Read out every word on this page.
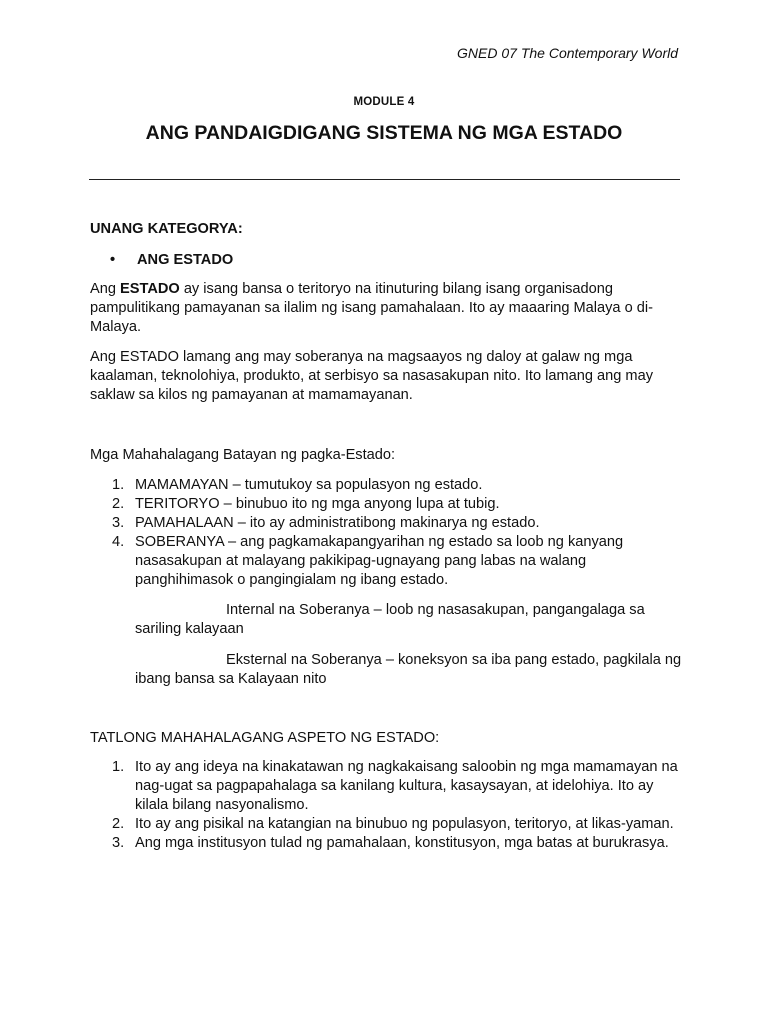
GNED 07 The Contemporary World
MODULE 4
ANG PANDAIGDIGANG SISTEMA NG MGA ESTADO
UNANG KATEGORYA:
• ANG ESTADO
Ang ESTADO ay isang bansa o teritoryo na itinuturing bilang isang organisadong pampulitikang pamayanan sa ilalim ng isang pamahalaan. Ito ay maaaring Malaya o di-Malaya.
Ang ESTADO lamang ang may soberanya na magsaayos ng daloy at galaw ng mga kaalaman, teknolohiya, produkto, at serbisyo sa nasasakupan nito. Ito lamang ang may saklaw sa kilos ng pamayanan at mamamayanan.
Mga Mahahalagang Batayan ng pagka-Estado:
1. MAMAMAYAN – tumutukoy sa populasyon ng estado.
2. TERITORYO – binubuo ito ng mga anyong lupa at tubig.
3. PAMAHALAAN – ito ay administratibong makinarya ng estado.
4. SOBERANYA – ang pagkamakapangyarihan ng estado sa loob ng kanyang nasasakupan at malayang pakikipag-ugnayang pang labas na walang panghihimasok o pangingialam ng ibang estado.
Internal na Soberanya – loob ng nasasakupan, pangangalaga sa sariling kalayaan
Eksternal na Soberanya – koneksyon sa iba pang estado, pagkilala ng ibang bansa sa Kalayaan nito
TATLONG MAHAHALAGANG ASPETO NG ESTADO:
1. Ito ay ang ideya na kinakatawan ng nagkakaisang saloobin ng mga mamamayan na nag-ugat sa pagpapahalaga sa kanilang kultura, kasaysayan, at idelohiya. Ito ay kilala bilang nasyonalismo.
2. Ito ay ang pisikal na katangian na binubuo ng populasyon, teritoryo, at likas-yaman.
3. Ang mga institusyon tulad ng pamahalaan, konstitusyon, mga batas at burukrasya.
